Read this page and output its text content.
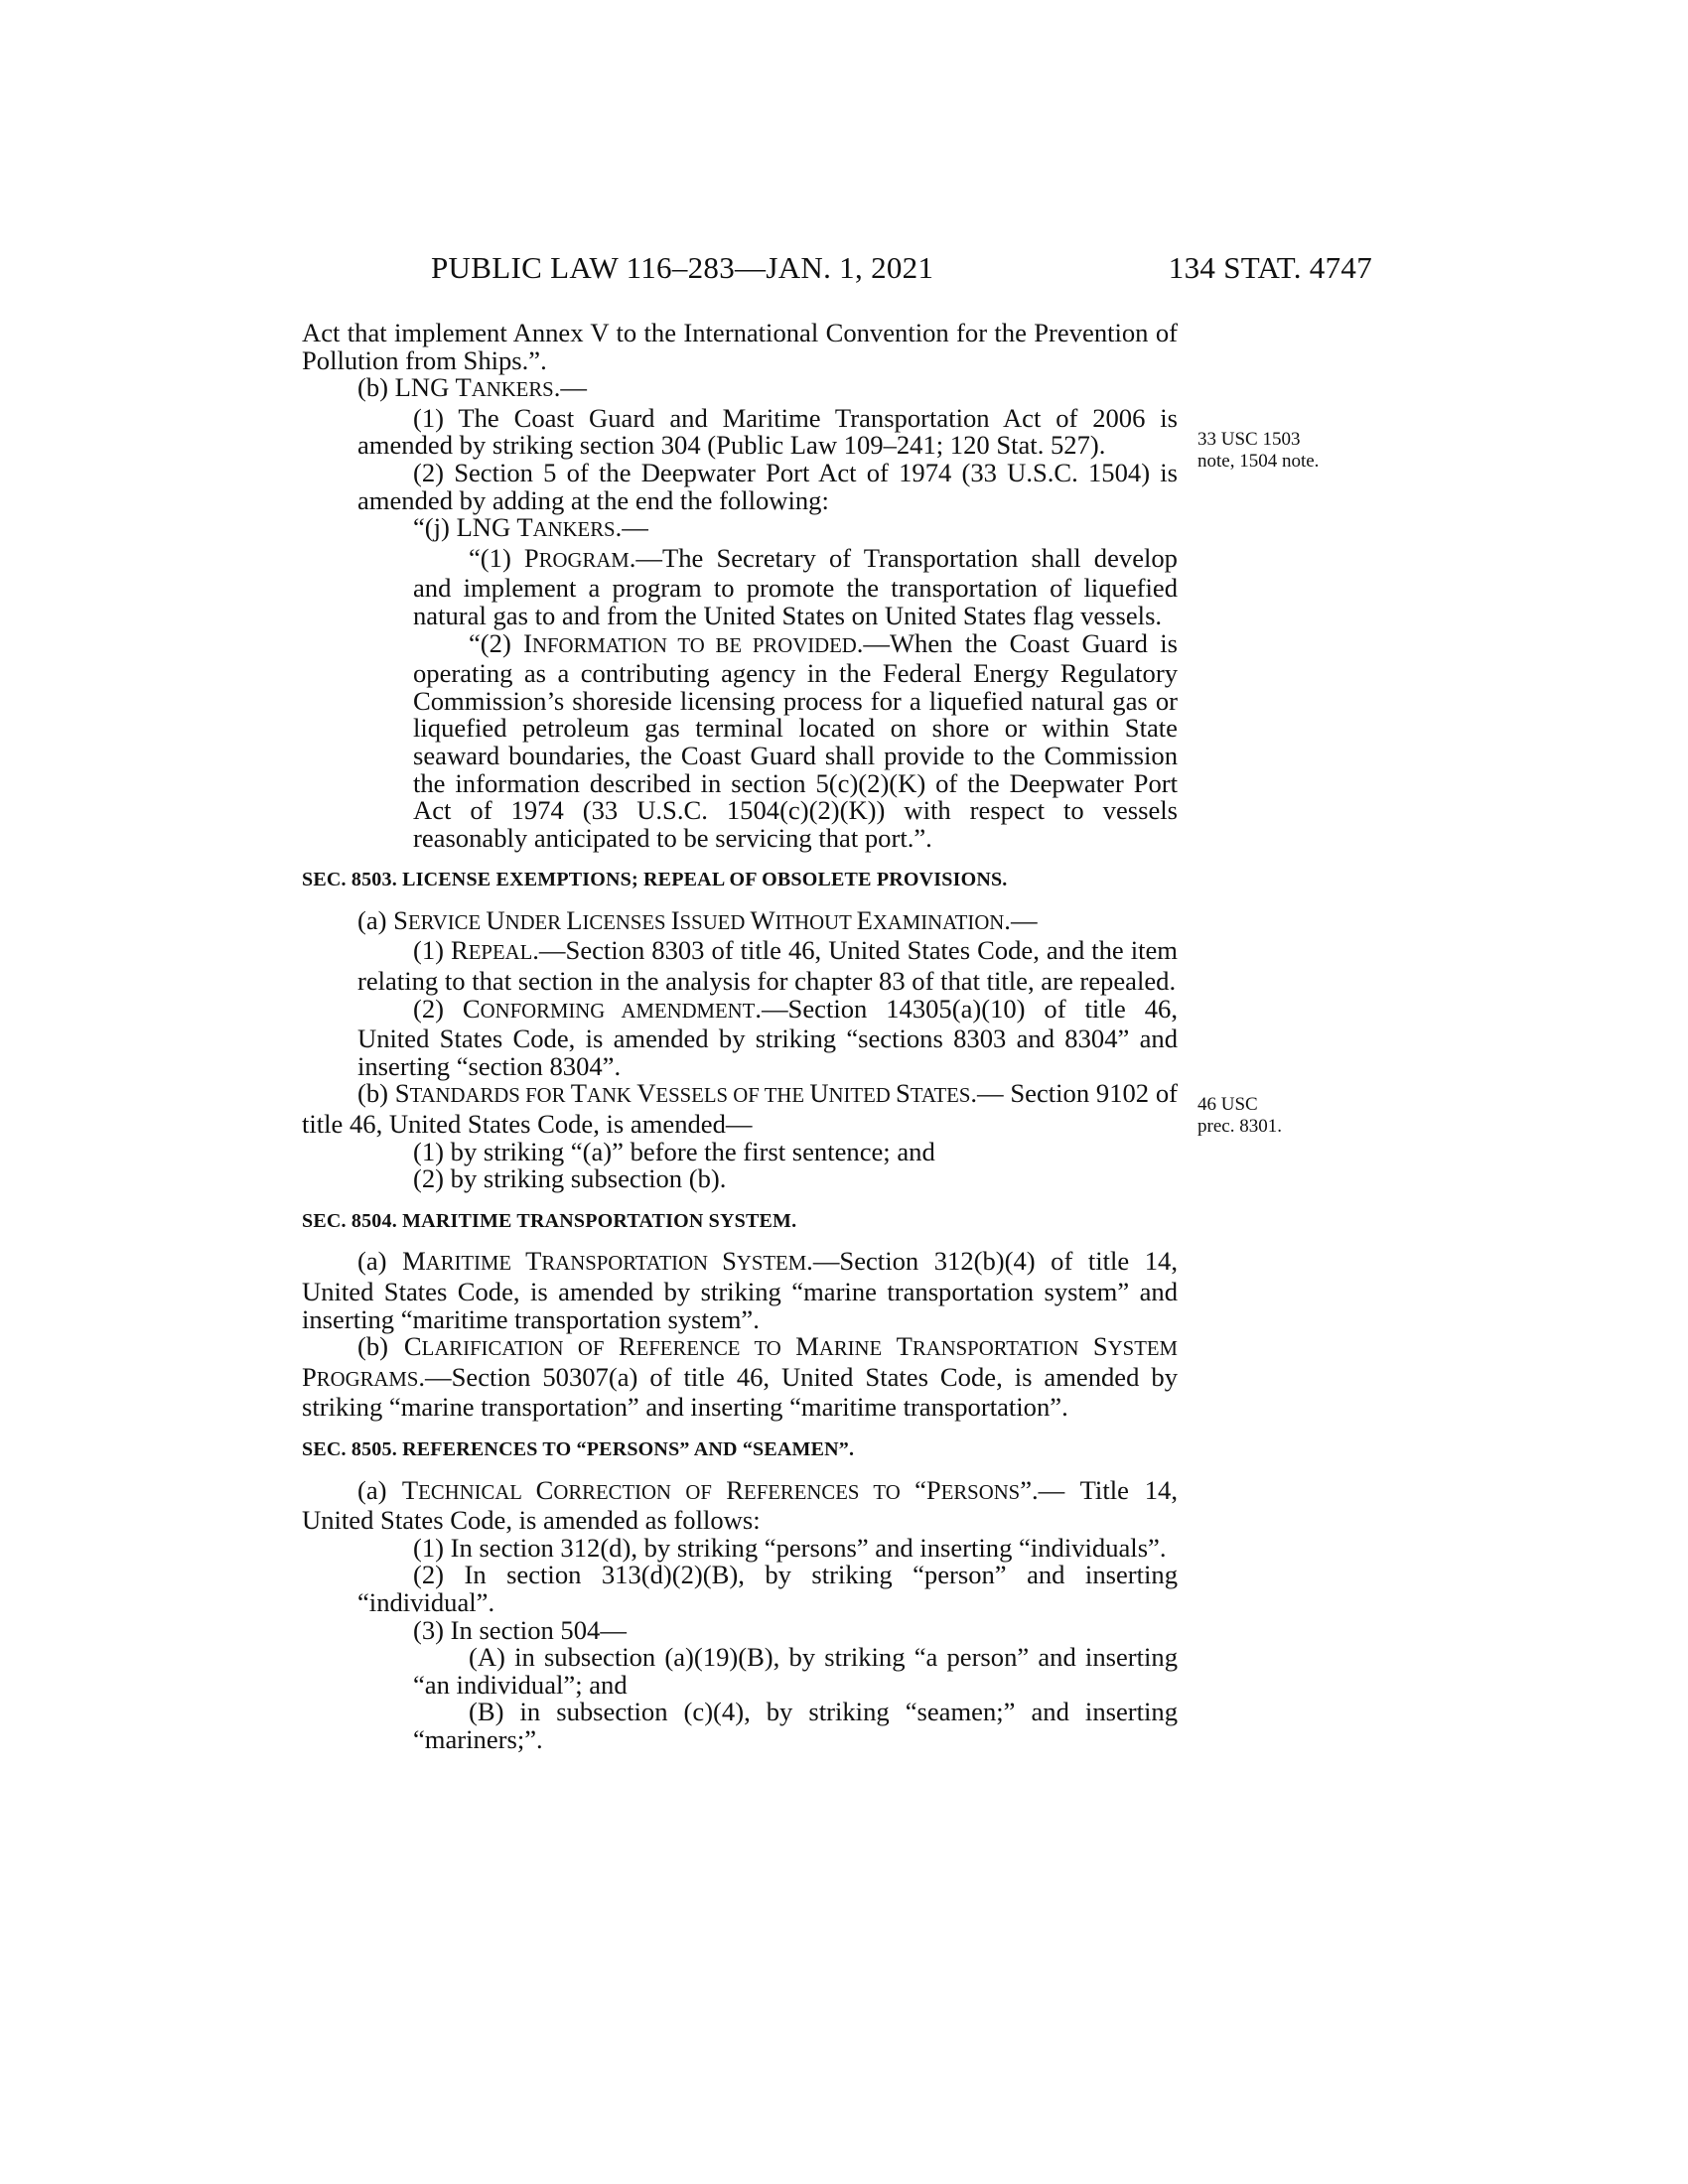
PUBLIC LAW 116–283—JAN. 1, 2021	134 STAT. 4747
33 USC 1503
note, 1504 note.
46 USC
prec. 8301.

Act that implement Annex V to the International Convention for the Prevention of Pollution from Ships.”.

(b) LNG TANKERS.—

(1) The Coast Guard and Maritime Transportation Act of 2006 is amended by striking section 304 (Public Law 109–241; 120 Stat. 527).

(2) Section 5 of the Deepwater Port Act of 1974 (33 U.S.C. 1504) is amended by adding at the end the following:

“(j) LNG TANKERS.—

“(1) PROGRAM.—The Secretary of Transportation shall develop and implement a program to promote the transportation of liquefied natural gas to and from the United States on United States flag vessels.

“(2) INFORMATION TO BE PROVIDED.—When the Coast Guard is operating as a contributing agency in the Federal Energy Regulatory Commission’s shoreside licensing process for a liquefied natural gas or liquefied petroleum gas terminal located on shore or within State seaward boundaries, the Coast Guard shall provide to the Commission the information described in section 5(c)(2)(K) of the Deepwater Port Act of 1974 (33 U.S.C. 1504(c)(2)(K)) with respect to vessels reasonably anticipated to be servicing that port.”.

SEC. 8503. LICENSE EXEMPTIONS; REPEAL OF OBSOLETE PROVISIONS.

(a) SERVICE UNDER LICENSES ISSUED WITHOUT EXAMINATION.—

(1) REPEAL.—Section 8303 of title 46, United States Code, and the item relating to that section in the analysis for chapter 83 of that title, are repealed.

(2) CONFORMING AMENDMENT.—Section 14305(a)(10) of title 46, United States Code, is amended by striking “sections 8303 and 8304” and inserting “section 8304”.

(b) STANDARDS FOR TANK VESSELS OF THE UNITED STATES.— Section 9102 of title 46, United States Code, is amended—

(1) by striking “(a)” before the first sentence; and

(2) by striking subsection (b).

SEC. 8504. MARITIME TRANSPORTATION SYSTEM.

(a) MARITIME TRANSPORTATION SYSTEM.—Section 312(b)(4) of title 14, United States Code, is amended by striking “marine transportation system” and inserting “maritime transportation system”.

(b) CLARIFICATION OF REFERENCE TO MARINE TRANSPORTATION SYSTEM PROGRAMS.—Section 50307(a) of title 46, United States Code, is amended by striking “marine transportation” and inserting “maritime transportation”.

SEC. 8505. REFERENCES TO “PERSONS” AND “SEAMEN”.

(a) TECHNICAL CORRECTION OF REFERENCES TO “PERSONS”.— Title 14, United States Code, is amended as follows:

(1) In section 312(d), by striking “persons” and inserting “individuals”.

(2) In section 313(d)(2)(B), by striking “person” and inserting “individual”.

(3) In section 504—

(A) in subsection (a)(19)(B), by striking “a person” and inserting “an individual”; and

(B) in subsection (c)(4), by striking “seamen;” and inserting “mariners;”.
